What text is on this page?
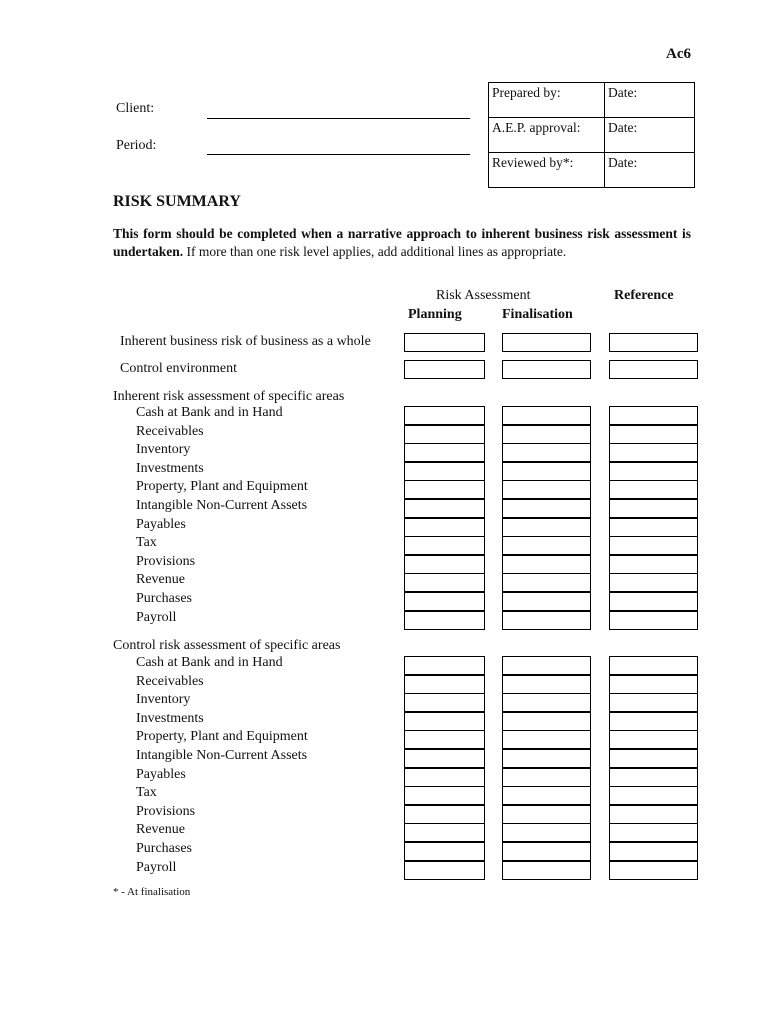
Ac6
Client:
Period:
Prepared by:	Date:
A.E.P. approval:	Date:
Reviewed by*:	Date:
RISK SUMMARY
This form should be completed when a narrative approach to inherent business risk assessment is undertaken. If more than one risk level applies, add additional lines as appropriate.
Risk Assessment	Reference
Planning	Finalisation
Inherent business risk of business as a whole
Control environment
Inherent risk assessment of specific areas
Cash at Bank and in Hand
Receivables
Inventory
Investments
Property, Plant and Equipment
Intangible Non-Current Assets
Payables
Tax
Provisions
Revenue
Purchases
Payroll
Control risk assessment of specific areas
Cash at Bank and in Hand
Receivables
Inventory
Investments
Property, Plant and Equipment
Intangible Non-Current Assets
Payables
Tax
Provisions
Revenue
Purchases
Payroll
* - At finalisation
